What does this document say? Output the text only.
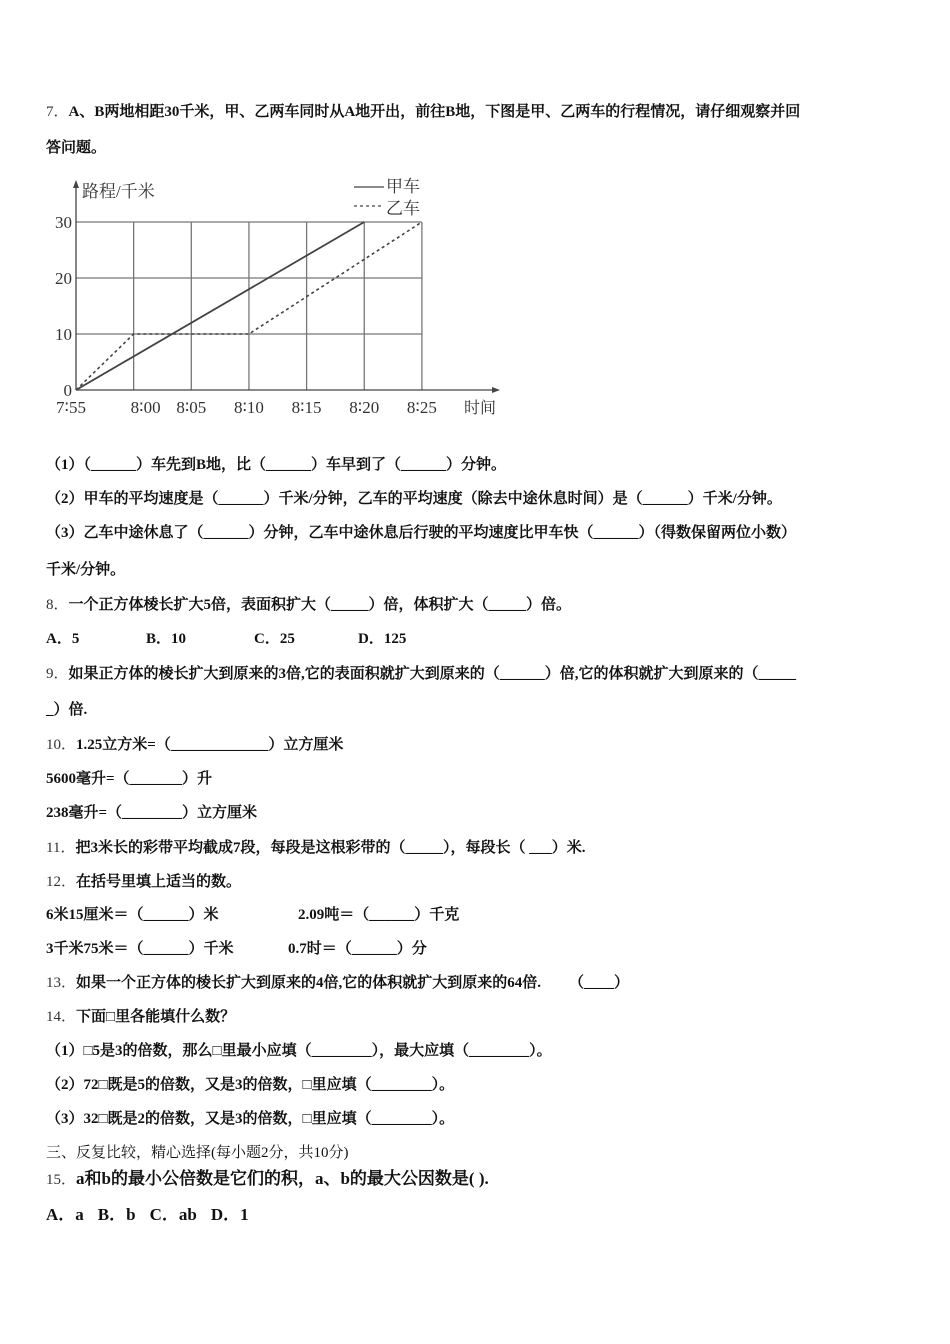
7．A、B两地相距30千米，甲、乙两车同时从A地开出，前往B地，下图是甲、乙两车的行程情况，请仔细观察并回
答问题。
0
10
20
30
7∶55	8∶00 8∶05 8∶10 8∶15 8∶20 8∶25
路程/千米
时间
甲车
乙车
（1）（______）车先到B地，比（______）车早到了（______）分钟。
（2）甲车的平均速度是（______）千米/分钟，乙车的平均速度（除去中途休息时间）是（______）千米/分钟。
（3）乙车中途休息了（______）分钟，乙车中途休息后行驶的平均速度比甲车快（______）（得数保留两位小数）
千米/分钟。
8．一个正方体棱长扩大5倍，表面积扩大（_____）倍，体积扩大（_____）倍。
A．5	B．10	C．25	D．125
9．如果正方体的棱长扩大到原来的3倍,它的表面积就扩大到原来的（______）倍,它的体积就扩大到原来的（_____
_）倍.
10．1.25立方米=（_____________）立方厘米
5600毫升=（_______）升
238毫升=（________）立方厘米
11．把3米长的彩带平均截成7段，每段是这根彩带的（_____），每段长（ ___）米.
12．在括号里填上适当的数。
6米15厘米＝（______）米	2.09吨＝（______）千克
3千米75米＝（______）千米	0.7时＝（______）分
13．如果一个正方体的棱长扩大到原来的4倍,它的体积就扩大到原来的64倍. （____）
14．下面□里各能填什么数？
（1）□5是3的倍数，那么□里最小应填（________），最大应填（________）。
（2）72□既是5的倍数，又是3的倍数，□里应填（________）。
（3）32□既是2的倍数，又是3的倍数，□里应填（________）。
三、反复比较，精心选择(每小题2分，共10分)
15．a和b的最小公倍数是它们的积，a、b的最大公因数是( ).
A．a B．b C．ab D．1
